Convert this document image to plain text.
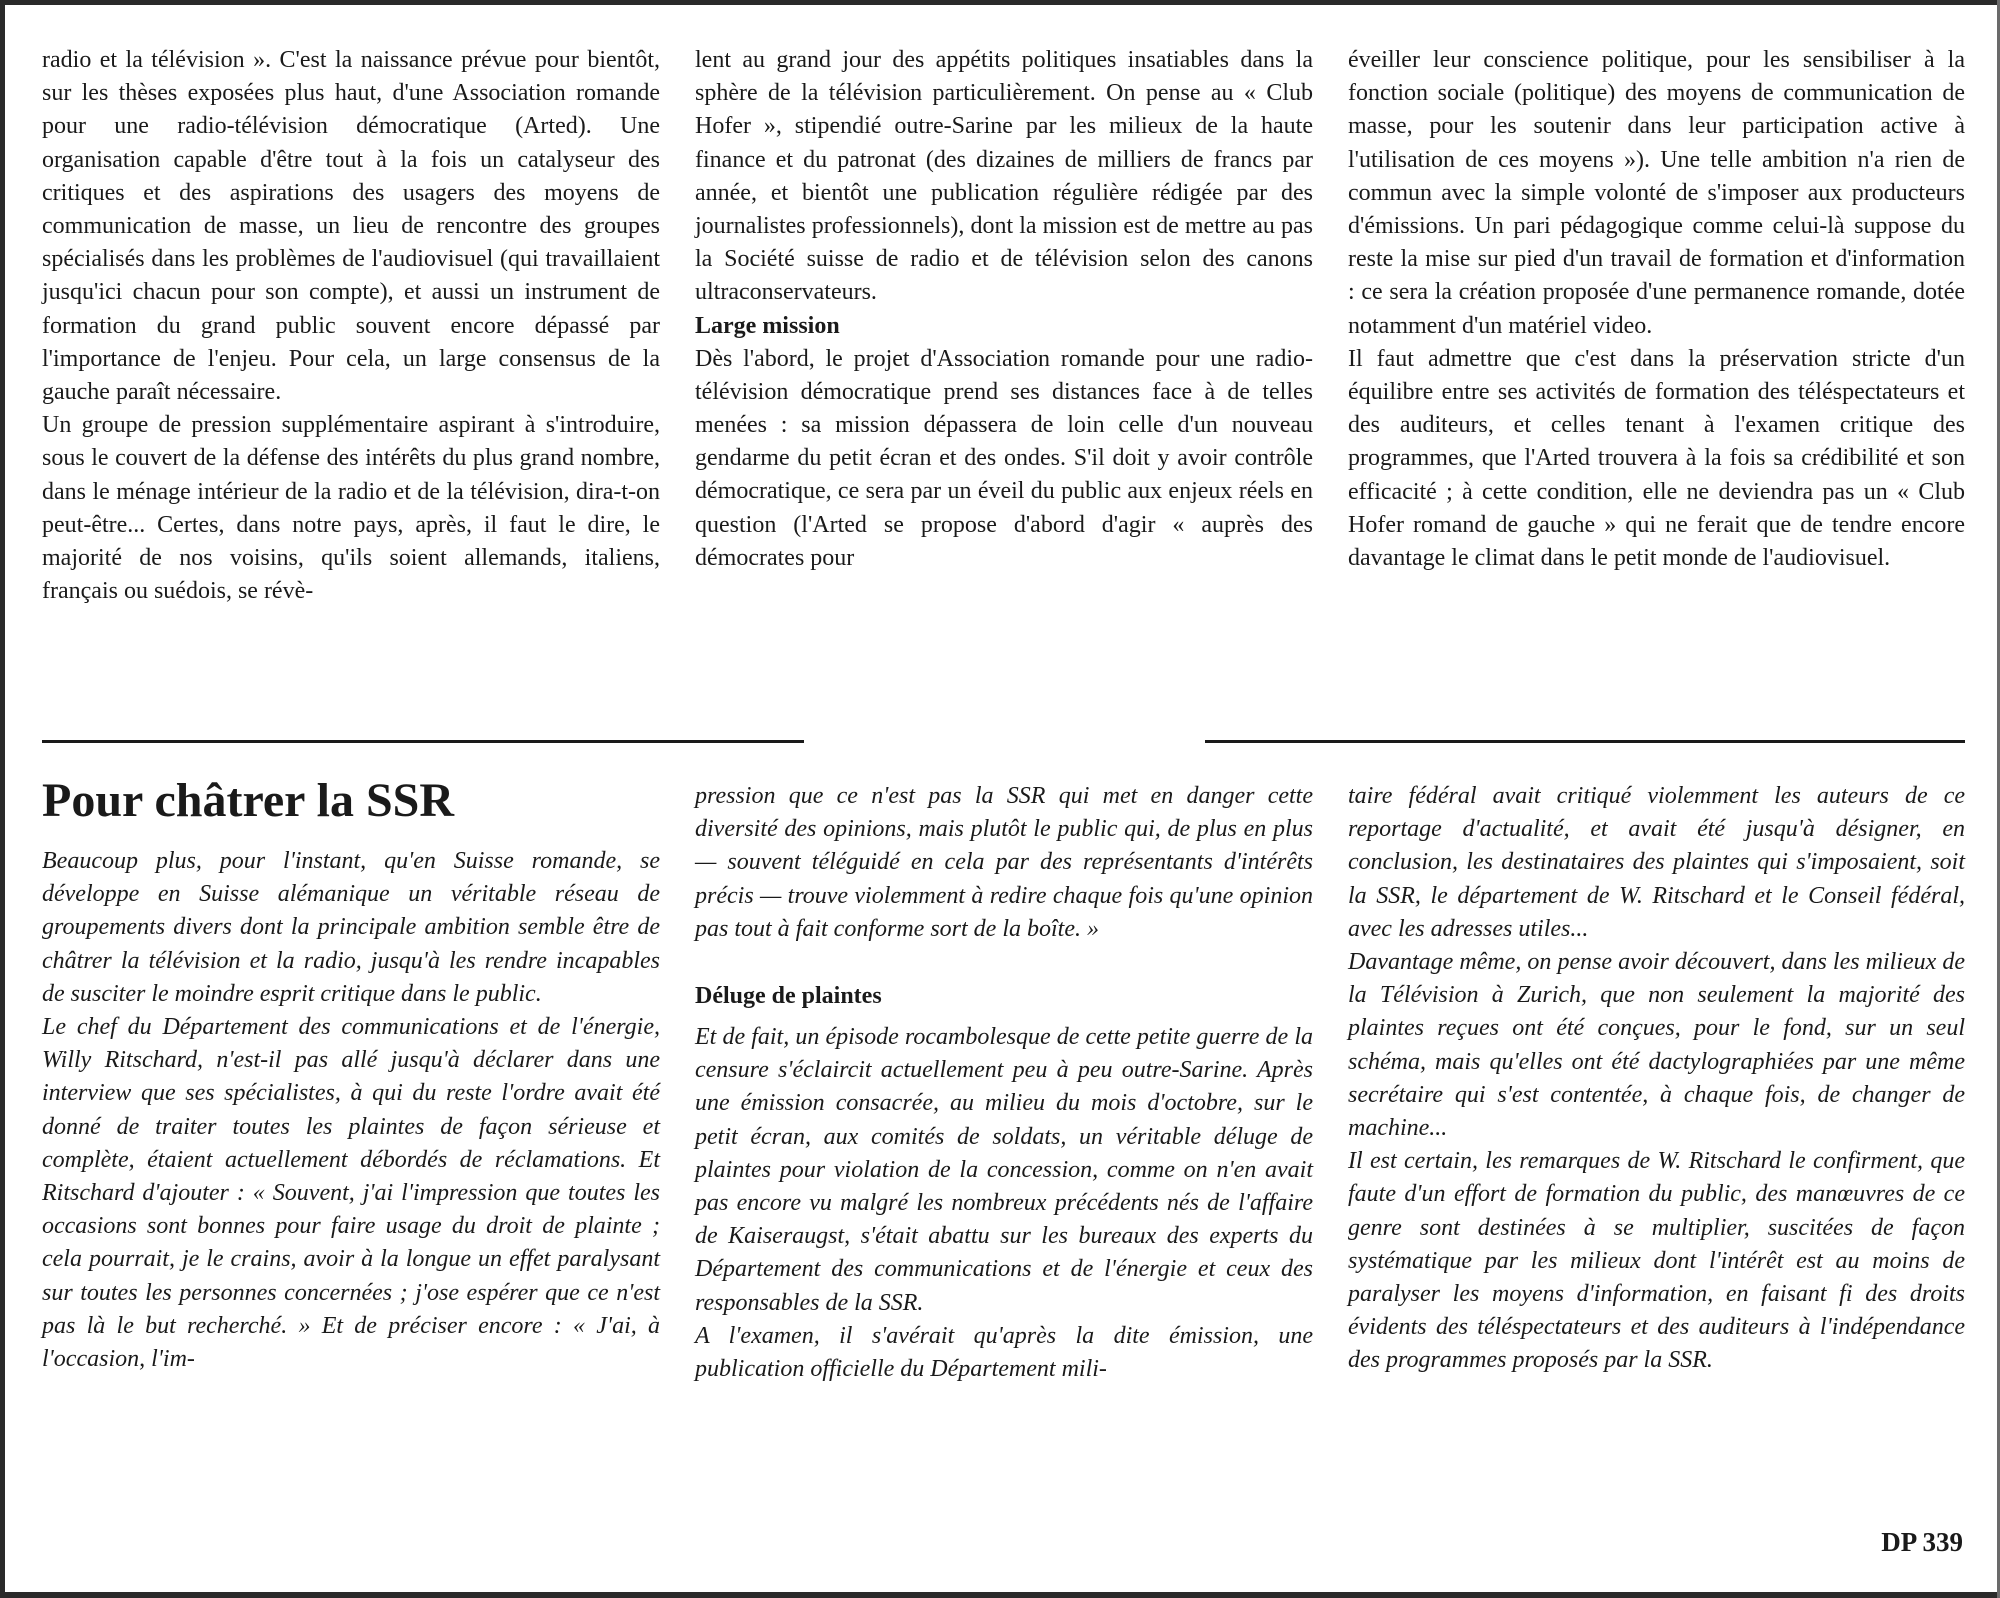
radio et la télévision ». C'est la naissance prévue pour bientôt, sur les thèses exposées plus haut, d'une Association romande pour une radio-télévision démocratique (Arted). Une organisation capable d'être tout à la fois un catalyseur des critiques et des aspirations des usagers des moyens de communication de masse, un lieu de rencontre des groupes spécialisés dans les problèmes de l'audiovisuel (qui travaillaient jusqu'ici chacun pour son compte), et aussi un instrument de formation du grand public souvent encore dépassé par l'importance de l'enjeu. Pour cela, un large consensus de la gauche paraît nécessaire.

Un groupe de pression supplémentaire aspirant à s'introduire, sous le couvert de la défense des intérêts du plus grand nombre, dans le ménage intérieur de la radio et de la télévision, dira-t-on peut-être... Certes, dans notre pays, après, il faut le dire, le majorité de nos voisins, qu'ils soient allemands, italiens, français ou suédois, se révè-

lent au grand jour des appétits politiques insatiables dans la sphère de la télévision particulièrement. On pense au « Club Hofer », stipendié outre-Sarine par les milieux de la haute finance et du patronat (des dizaines de milliers de francs par année, et bientôt une publication régulière rédigée par des journalistes professionnels), dont la mission est de mettre au pas la Société suisse de radio et de télévision selon des canons ultraconservateurs.

Large mission

Dès l'abord, le projet d'Association romande pour une radio-télévision démocratique prend ses distances face à de telles menées : sa mission dépassera de loin celle d'un nouveau gendarme du petit écran et des ondes. S'il doit y avoir contrôle démocratique, ce sera par un éveil du public aux enjeux réels en question (l'Arted se propose d'abord d'agir « auprès des démocrates pour

éveiller leur conscience politique, pour les sensibiliser à la fonction sociale (politique) des moyens de communication de masse, pour les soutenir dans leur participation active à l'utilisation de ces moyens »). Une telle ambition n'a rien de commun avec la simple volonté de s'imposer aux producteurs d'émissions. Un pari pédagogique comme celui-là suppose du reste la mise sur pied d'un travail de formation et d'information : ce sera la création proposée d'une permanence romande, dotée notamment d'un matériel video.

Il faut admettre que c'est dans la préservation stricte d'un équilibre entre ses activités de formation des téléspectateurs et des auditeurs, et celles tenant à l'examen critique des programmes, que l'Arted trouvera à la fois sa crédibilité et son efficacité ; à cette condition, elle ne deviendra pas un « Club Hofer romand de gauche » qui ne ferait que de tendre encore davantage le climat dans le petit monde de l'audiovisuel.

Pour châtrer la SSR

Beaucoup plus, pour l'instant, qu'en Suisse romande, se développe en Suisse alémanique un véritable réseau de groupements divers dont la principale ambition semble être de châtrer la télévision et la radio, jusqu'à les rendre incapables de susciter le moindre esprit critique dans le public.

Le chef du Département des communications et de l'énergie, Willy Ritschard, n'est-il pas allé jusqu'à déclarer dans une interview que ses spécialistes, à qui du reste l'ordre avait été donné de traiter toutes les plaintes de façon sérieuse et complète, étaient actuellement débordés de réclamations. Et Ritschard d'ajouter : « Souvent, j'ai l'impression que toutes les occasions sont bonnes pour faire usage du droit de plainte ; cela pourrait, je le crains, avoir à la longue un effet paralysant sur toutes les personnes concernées ; j'ose espérer que ce n'est pas là le but recherché. » Et de préciser encore : « J'ai, à l'occasion, l'im-

pression que ce n'est pas la SSR qui met en danger cette diversité des opinions, mais plutôt le public qui, de plus en plus — souvent téléguidé en cela par des représentants d'intérêts précis — trouve violemment à redire chaque fois qu'une opinion pas tout à fait conforme sort de la boîte. »

Déluge de plaintes

Et de fait, un épisode rocambolesque de cette petite guerre de la censure s'éclaircit actuellement peu à peu outre-Sarine. Après une émission consacrée, au milieu du mois d'octobre, sur le petit écran, aux comités de soldats, un véritable déluge de plaintes pour violation de la concession, comme on n'en avait pas encore vu malgré les nombreux précédents nés de l'affaire de Kaiseraugst, s'était abattu sur les bureaux des experts du Département des communications et de l'énergie et ceux des responsables de la SSR.

A l'examen, il s'avérait qu'après la dite émission, une publication officielle du Département mili-

taire fédéral avait critiqué violemment les auteurs de ce reportage d'actualité, et avait été jusqu'à désigner, en conclusion, les destinataires des plaintes qui s'imposaient, soit la SSR, le département de W. Ritschard et le Conseil fédéral, avec les adresses utiles...

Davantage même, on pense avoir découvert, dans les milieux de la Télévision à Zurich, que non seulement la majorité des plaintes reçues ont été conçues, pour le fond, sur un seul schéma, mais qu'elles ont été dactylographiées par une même secrétaire qui s'est contentée, à chaque fois, de changer de machine...

Il est certain, les remarques de W. Ritschard le confirment, que faute d'un effort de formation du public, des manœuvres de ce genre sont destinées à se multiplier, suscitées de façon systématique par les milieux dont l'intérêt est au moins de paralyser les moyens d'information, en faisant fi des droits évidents des téléspectateurs et des auditeurs à l'indépendance des programmes proposés par la SSR.

DP 339
